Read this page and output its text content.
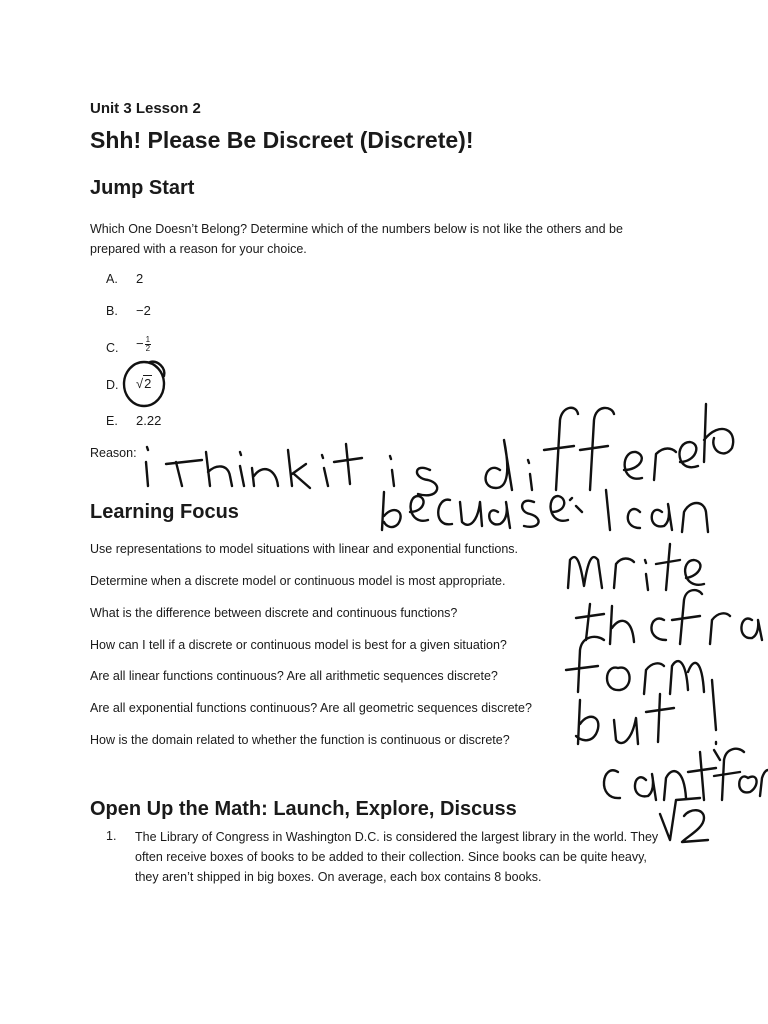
Unit 3 Lesson 2

Shh! Please Be Discreet (Discrete)!
Jump Start

Which One Doesn’t Belong? Determine which of the numbers below is not like the others and be prepared with a reason for your choice.

A. 2
B. −2
C. − $\frac{1}{2}$
D. √2
E. 2.22
Reason:
Learning Focus

Use representations to model situations with linear and exponential functions.

Determine when a discrete model or continuous model is most appropriate.

What is the difference between discrete and continuous functions?

How can I tell if a discrete or continuous model is best for a given situation?

Are all linear functions continuous? Are all arithmetic sequences discrete?

Are all exponential functions continuous? Are all geometric sequences discrete?

How is the domain related to whether the function is continuous or discrete?

Open Up the Math: Launch, Explore, Discuss
1. The Library of Congress in Washington D.C. is considered the largest library in the world. They often receive boxes of books to be added to their collection. Since books can be quite heavy, they aren’t shipped in big boxes. On average, each box contains 8 books.
